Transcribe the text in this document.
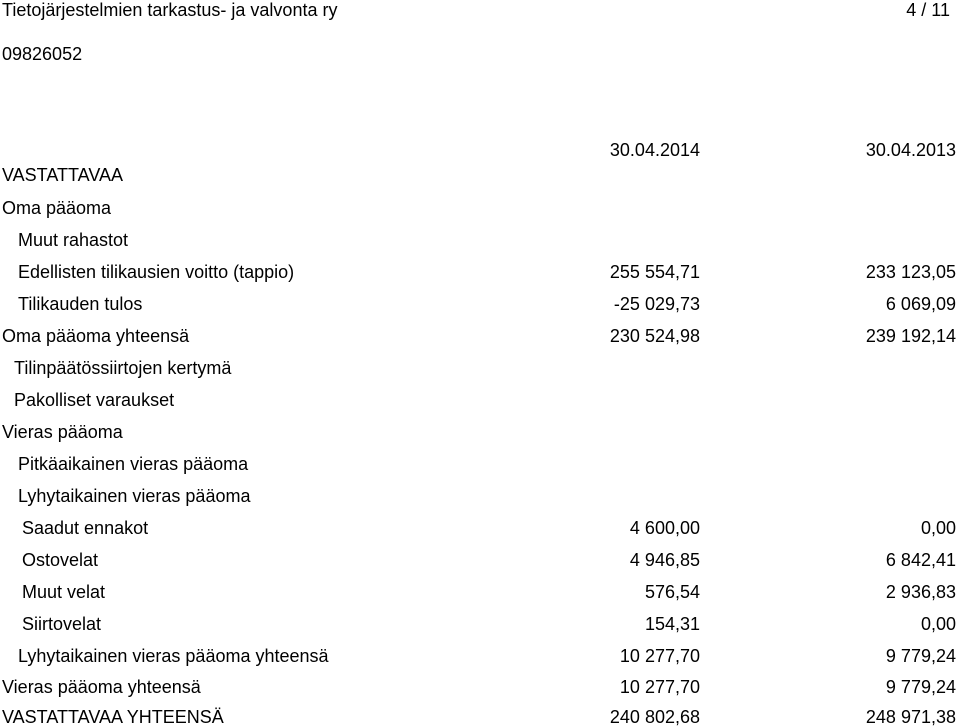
Tietojärjestelmien tarkastus- ja valvonta ry	4 / 11
09826052
30.04.2014	30.04.2013
VASTATTAVAA
Oma pääoma
Muut rahastot
Edellisten tilikausien voitto (tappio)	255 554,71	233 123,05
Tilikauden tulos	-25 029,73	6 069,09
Oma pääoma yhteensä	230 524,98	239 192,14
Tilinpäätössiirtojen kertymä
Pakolliset varaukset
Vieras pääoma
Pitkäaikainen vieras pääoma
Lyhytaikainen vieras pääoma
Saadut ennakot	4 600,00	0,00
Ostovelat	4 946,85	6 842,41
Muut velat	576,54	2 936,83
Siirtovelat	154,31	0,00
Lyhytaikainen vieras pääoma yhteensä	10 277,70	9 779,24
Vieras pääoma yhteensä	10 277,70	9 779,24
VASTATTAVAA YHTEENSÄ	240 802,68	248 971,38
